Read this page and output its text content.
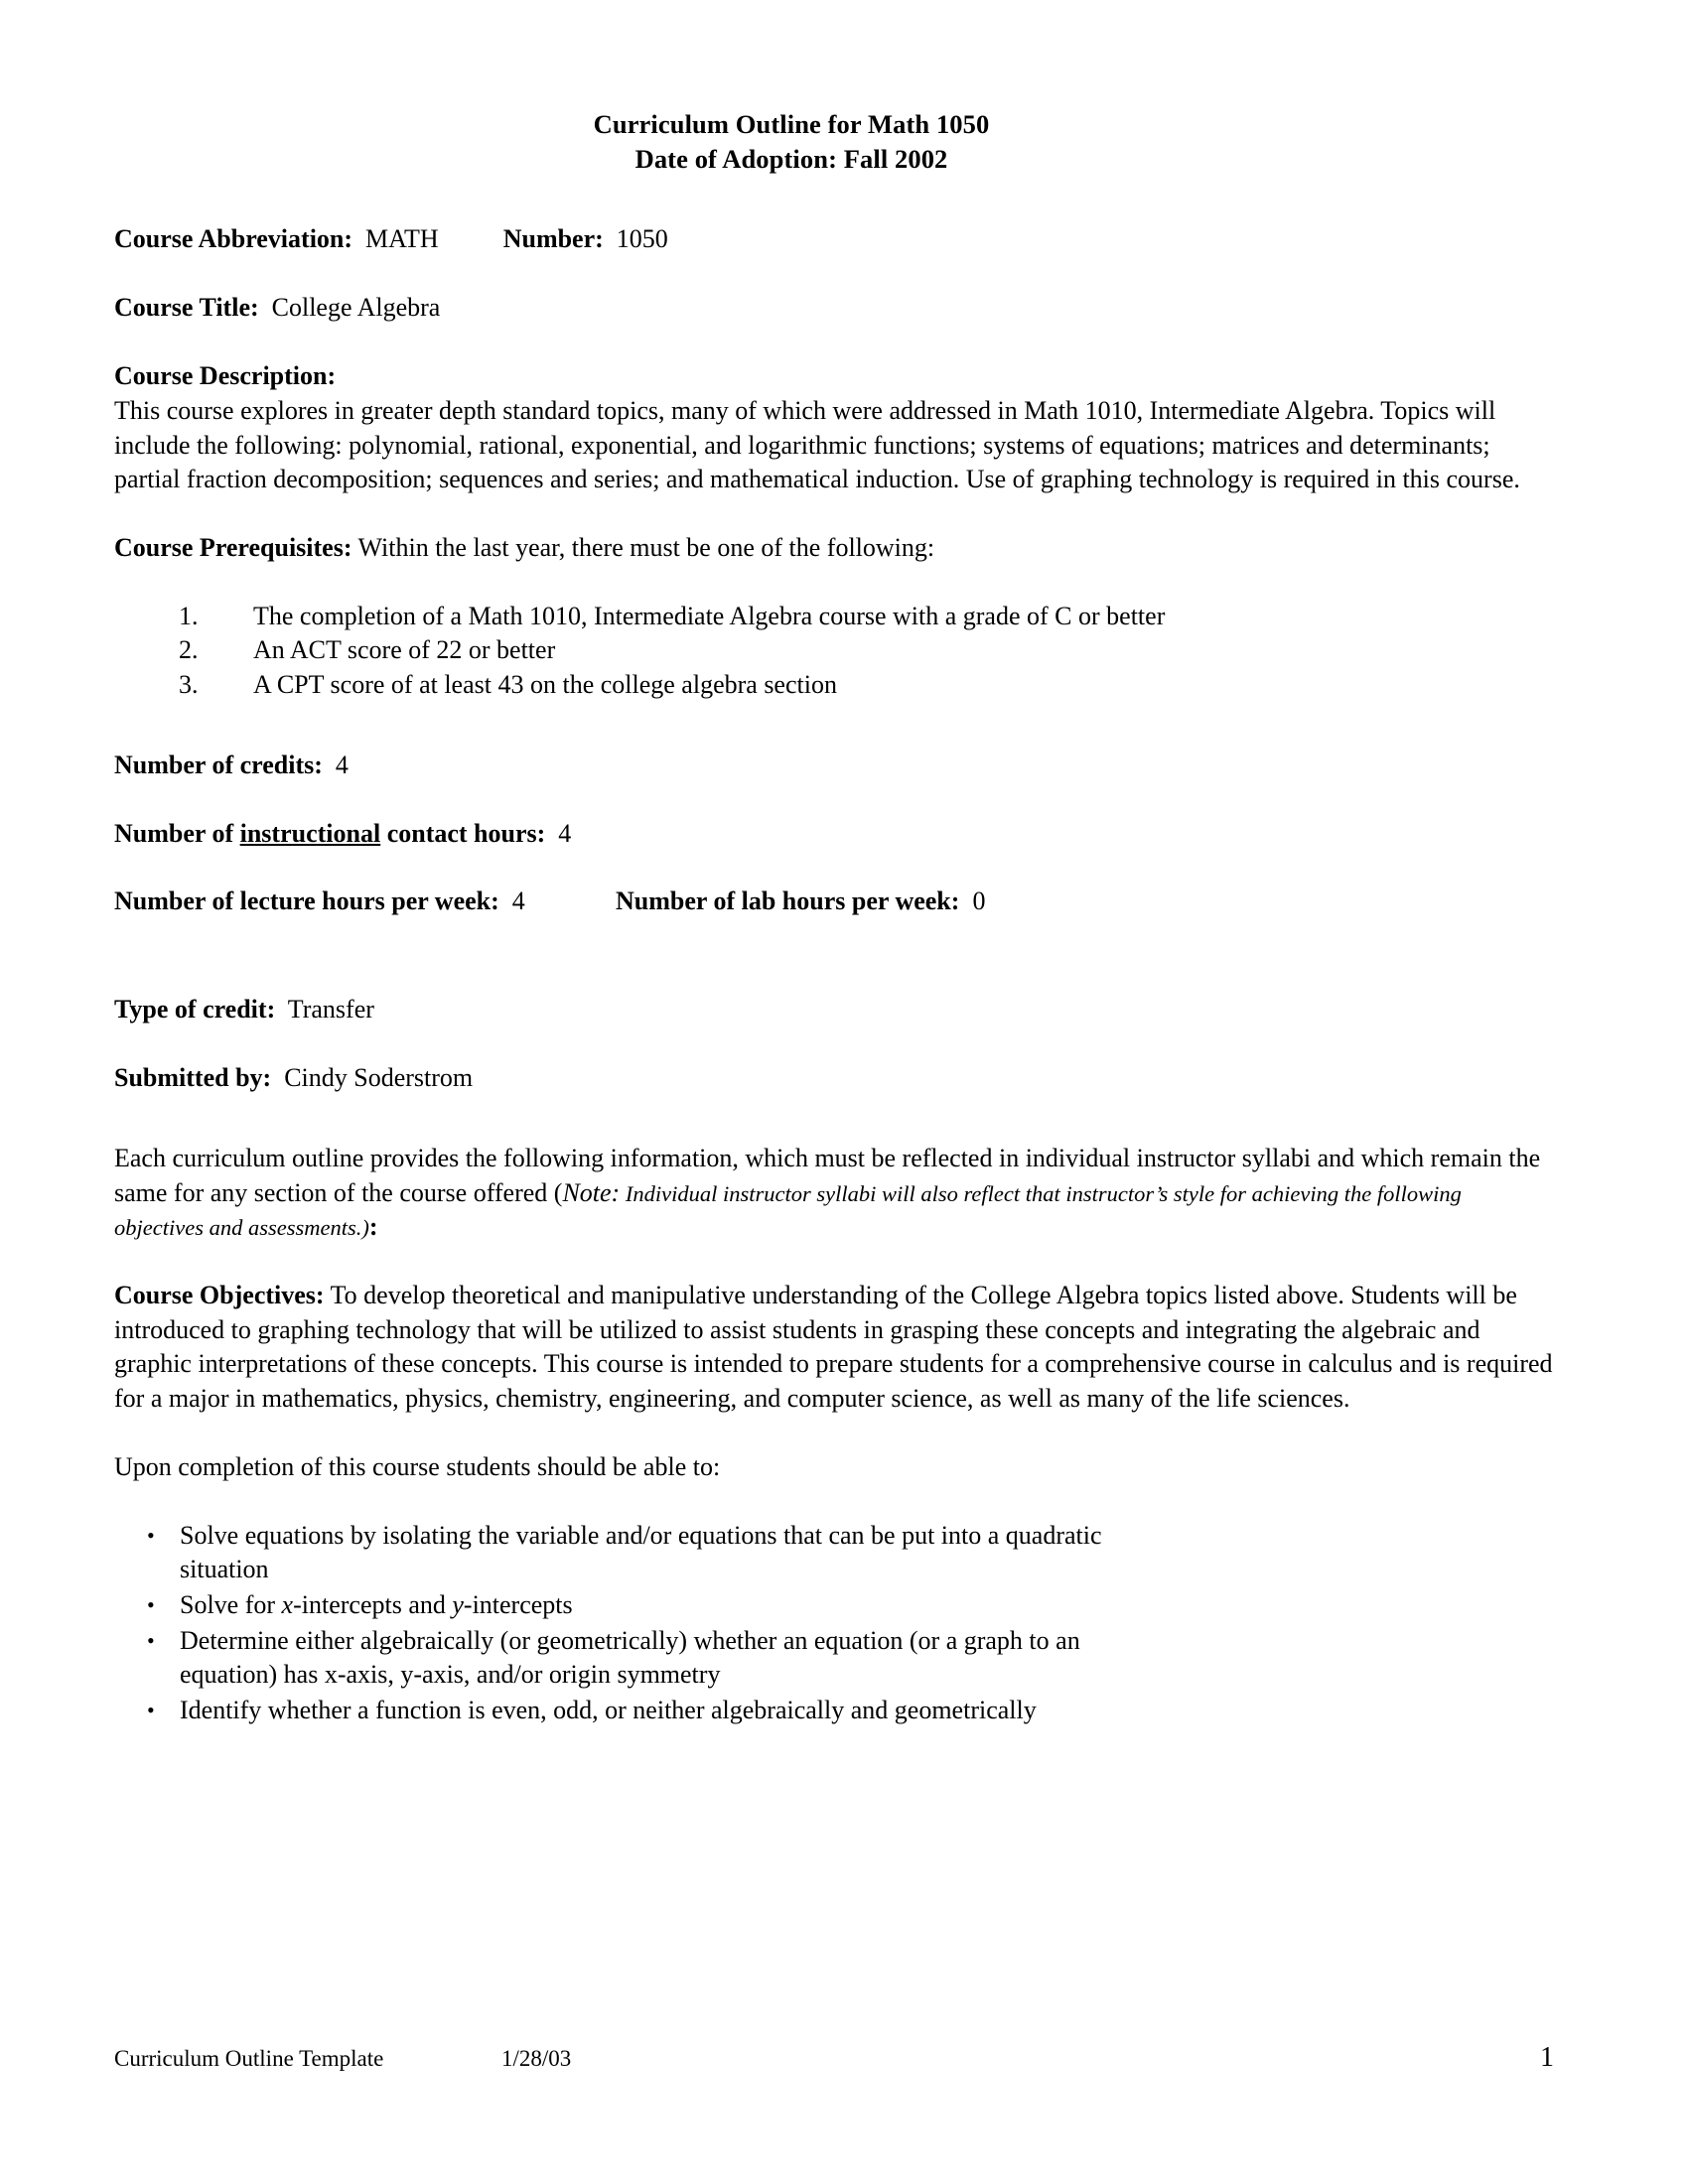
Curriculum Outline for Math 1050
Date of Adoption: Fall 2002
Course Abbreviation: MATH	Number: 1050
Course Title: College Algebra
Course Description:
This course explores in greater depth standard topics, many of which were addressed in Math 1010, Intermediate Algebra. Topics will include the following: polynomial, rational, exponential, and logarithmic functions; systems of equations; matrices and determinants; partial fraction decomposition; sequences and series; and mathematical induction. Use of graphing technology is required in this course.
Course Prerequisites: Within the last year, there must be one of the following:
1.	The completion of a Math 1010, Intermediate Algebra course with a grade of C or better
2.	An ACT score of 22 or better
3.	A CPT score of at least 43 on the college algebra section
Number of credits: 4
Number of instructional contact hours: 4
Number of lecture hours per week: 4	Number of lab hours per week: 0
Type of credit: Transfer
Submitted by: Cindy Soderstrom
Each curriculum outline provides the following information, which must be reflected in individual instructor syllabi and which remain the same for any section of the course offered (Note: Individual instructor syllabi will also reflect that instructor’s style for achieving the following objectives and assessments.):
Course Objectives: To develop theoretical and manipulative understanding of the College Algebra topics listed above. Students will be introduced to graphing technology that will be utilized to assist students in grasping these concepts and integrating the algebraic and graphic interpretations of these concepts. This course is intended to prepare students for a comprehensive course in calculus and is required for a major in mathematics, physics, chemistry, engineering, and computer science, as well as many of the life sciences.
Upon completion of this course students should be able to:
• Solve equations by isolating the variable and/or equations that can be put into a quadratic situation
• Solve for x-intercepts and y-intercepts
• Determine either algebraically (or geometrically) whether an equation (or a graph to an equation) has x-axis, y-axis, and/or origin symmetry
• Identify whether a function is even, odd, or neither algebraically and geometrically
Curriculum Outline Template	1/28/03	1
